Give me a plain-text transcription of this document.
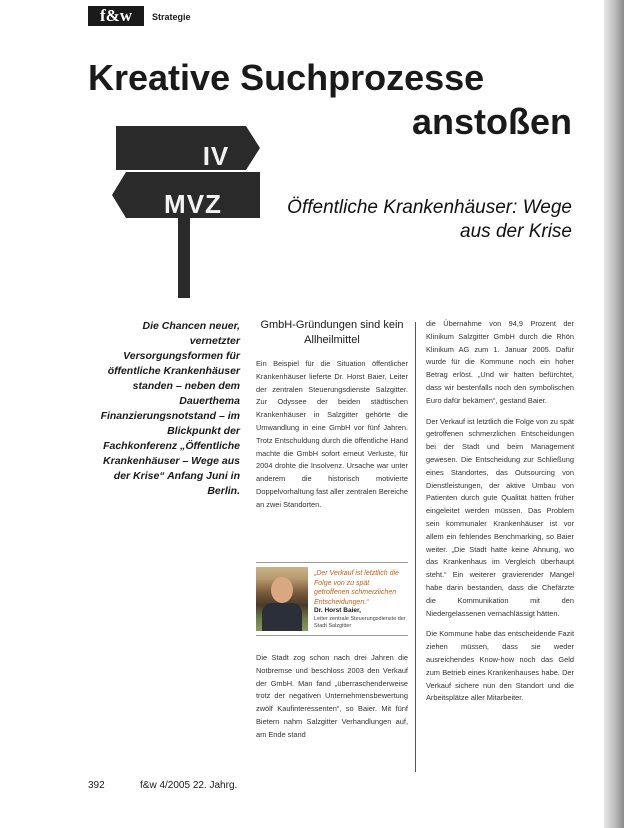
f&w	Strategie
Kreative Suchprozesse
anstoßen
IV
MVZ	Öffentliche Krankenhäuser: Wege aus der Krise
Die Chancen neuer, vernetzter Versorgungsformen für öffentliche Krankenhäuser standen – neben dem Dauerthema Finanzierungsnotstand – im Blickpunkt der Fachkonferenz „Öffentliche Krankenhäuser – Wege aus der Krise“ Anfang Juni in Berlin.
GmbH-Gründungen sind kein Allheilmittel

Ein Beispiel für die Situation öffentlicher Krankenhäuser lieferte Dr. Horst Baier, Leiter der zentralen Steuerungsdienste Salzgitter. Zur Odyssee der beiden städtischen Krankenhäuser in Salzgitter gehörte die Umwandlung in eine GmbH vor fünf Jahren. Trotz Entschuldung durch die öffentliche Hand machte die GmbH sofort erneut Verluste, für 2004 drohte die Insolvenz. Ursache war unter anderem die historisch motivierte Doppelvorhaltung fast aller zentralen Bereiche an zwei Standorten.

„Der Verkauf ist letztlich die Folge von zu spät getroffenen schmerzlichen Entscheidungen.“
Dr. Horst Baier,
Leiter zentrale Steuerungsdienste der Stadt Salzgitter

Die Stadt zog schon nach drei Jahren die Notbremse und beschloss 2003 den Verkauf der GmbH. Man fand „überraschenderweise trotz der negativen Unternehmensbewertung zwölf Kaufinteressenten“, so Baier. Mit fünf Bietern nahm Salzgitter Verhandlungen auf, am Ende stand

die Übernahme von 94,9 Prozent der Klinikum Salzgitter GmbH durch die Rhön Klinikum AG zum 1. Januar 2005. Dafür wurde für die Kommune noch ein hoher Betrag erlöst. „Und wir hatten befürchtet, dass wir bestenfalls noch den symbolischen Euro dafür bekämen“, gestand Baier.

Der Verkauf ist letztlich die Folge von zu spät getroffenen schmerzlichen Entscheidungen bei der Stadt und beim Management gewesen. Die Entscheidung zur Schließung eines Standortes, das Outsourcing von Dienstleistungen, der aktive Umbau von Patienten durch gute Qualität hätten früher eingeleitet werden müssen. Das Problem sein kommunaler Krankenhäuser ist vor allem ein fehlendes Benchmarking, so Baier weiter. „Die Stadt hatte keine Ahnung, wo das Krankenhaus im Vergleich überhaupt steht.“ Ein weiterer gravierender Mangel habe darin bestanden, dass die Chefärzte die Kommunikation mit den Niedergelassenen vernachlässigt hätten.

Die Kommune habe das entscheidende Fazit ziehen müssen, dass sie weder ausreichendes Know-how noch das Geld zum Betrieb eines Krankenhauses habe. Der Verkauf sichere nun den Standort und die Arbeitsplätze aller Mitarbeiter.

392	f&w 4/2005 22. Jahrg.
